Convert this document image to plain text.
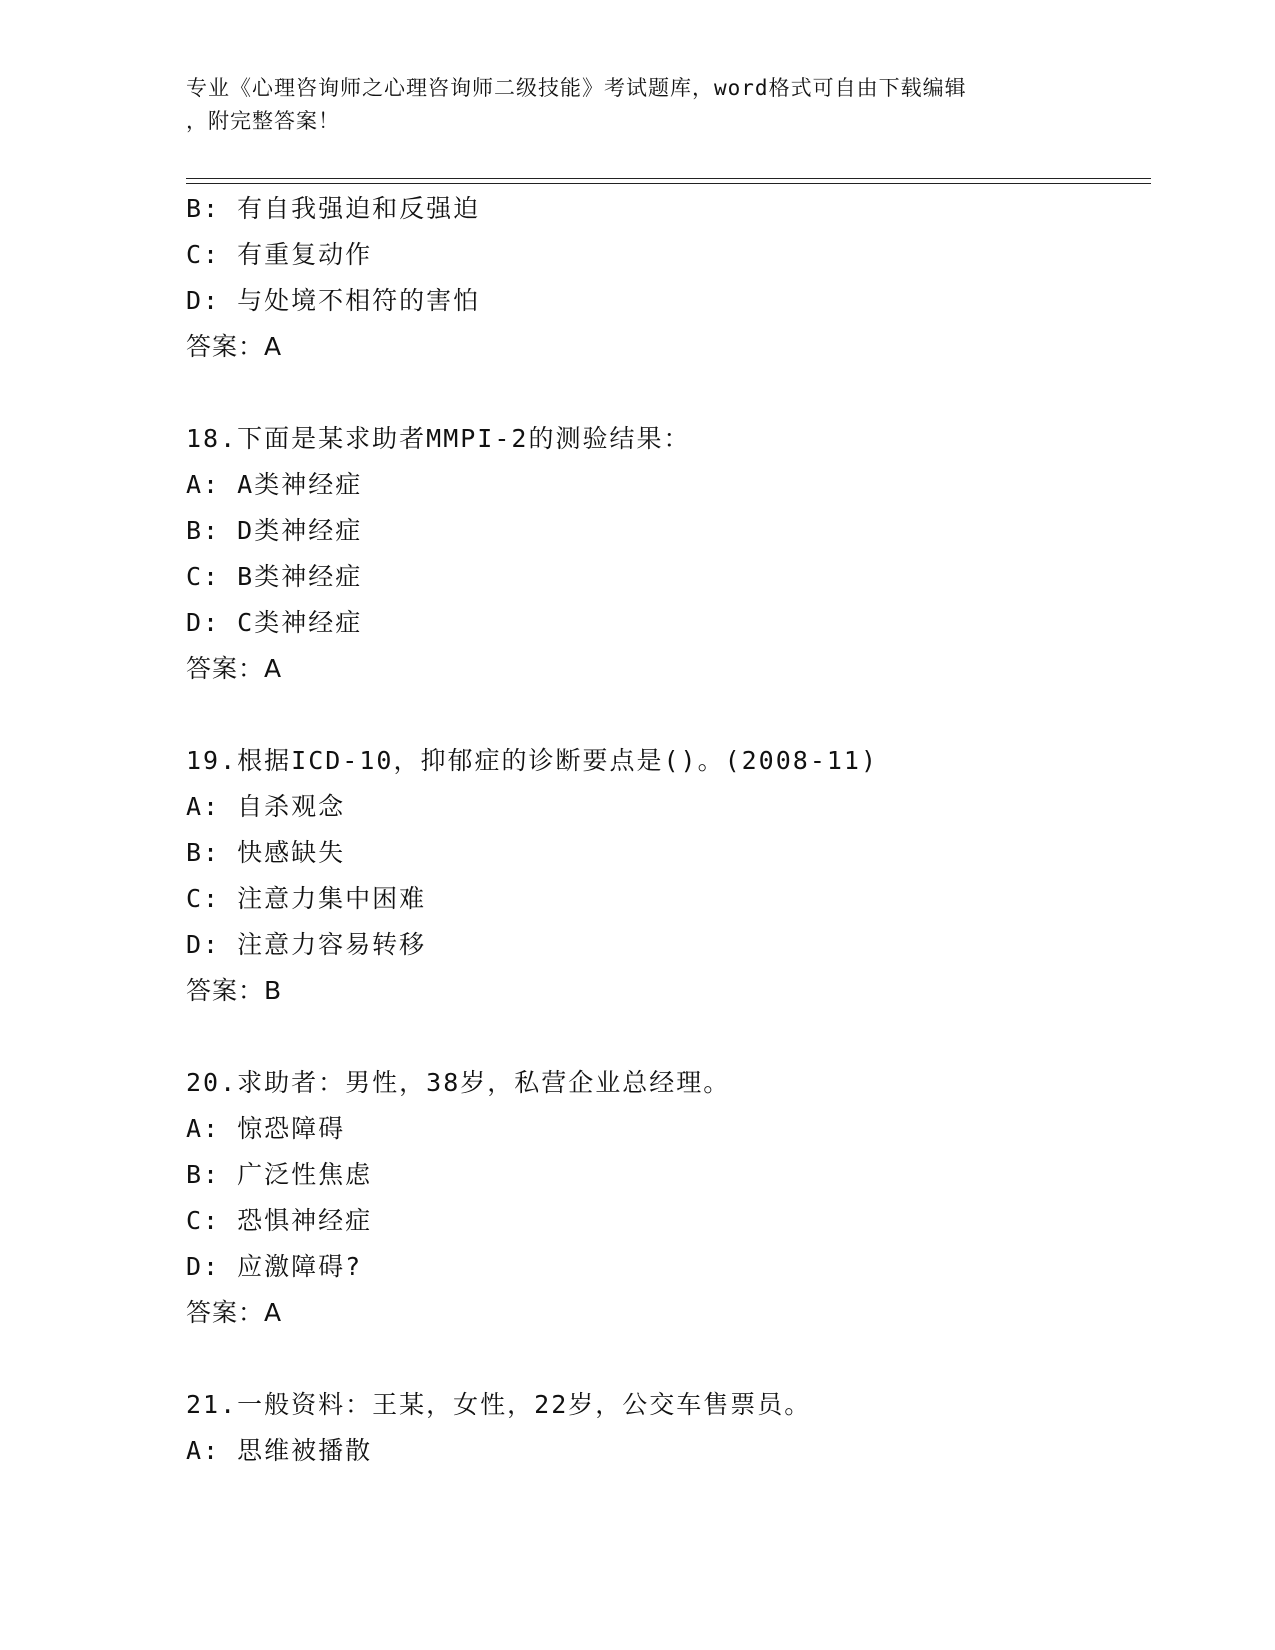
专业《心理咨询师之心理咨询师二级技能》考试题库，word格式可自由下载编辑
，附完整答案！
B: 有自我强迫和反强迫
C: 有重复动作
D: 与处境不相符的害怕
答案：A
18.下面是某求助者MMPI-2的测验结果：
A: A类神经症
B: D类神经症
C: B类神经症
D: C类神经症
答案：A
19.根据ICD-10，抑郁症的诊断要点是()。(2008-11)
A: 自杀观念
B: 快感缺失
C: 注意力集中困难
D: 注意力容易转移
答案：B
20.求助者：男性，38岁，私营企业总经理。
A: 惊恐障碍
B: 广泛性焦虑
C: 恐惧神经症
D: 应激障碍?
答案：A
21.一般资料：王某，女性，22岁，公交车售票员。
A: 思维被播散
